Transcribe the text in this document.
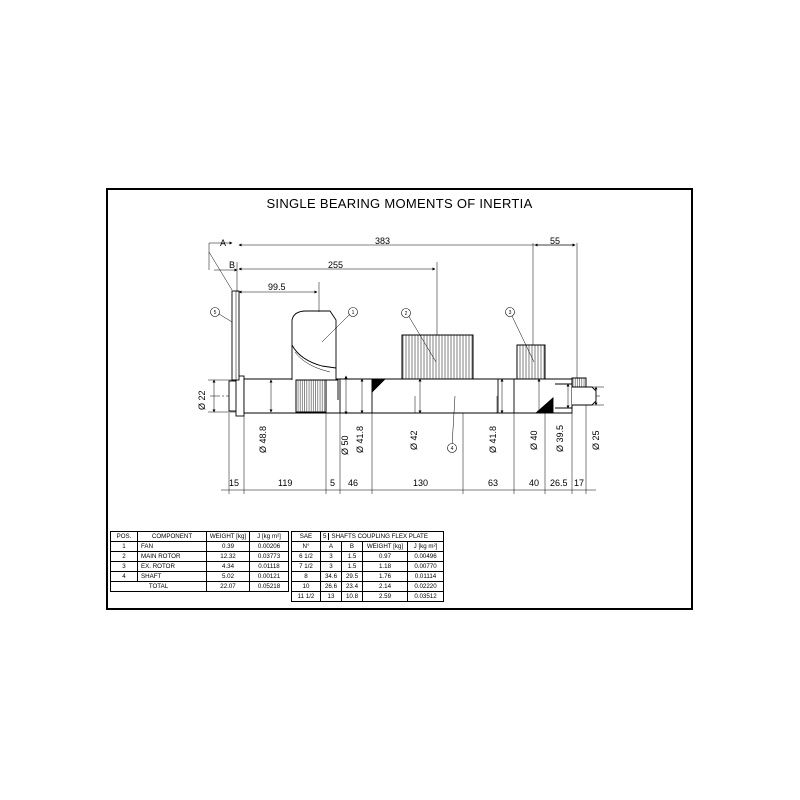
SINGLE BEARING MOMENTS OF INERTIA
A
B
383	55
255
99.5
Ø 22
Ø 48.8	Ø 50 Ø 41.8	Ø 42	Ø 41.8	Ø 40 Ø 39.5	Ø 25
15	119	5 46	130	63	40 26.5 17
5	1	2	3
4
POS.	COMPONENT	WEIGHT [kg]	J [kg m²]
1	FAN	0.39	0.00206
2	MAIN ROTOR	12.32	0.03773
3	EX. ROTOR	4.34	0.01118
4	SHAFT	5.02	0.00121
TOTAL		22.07	0.05218
SAE	5 SHAFTS COUPLING FLEX PLATE			
N°	A	B	WEIGHT [kg]	J [kg m²]
6 1/2	3	1.5	0.97	0.00496
7 1/2	3	1.5	1.18	0.00770
8	34.6	29.5	1.76	0.01114
10	26.6	23.4	2.14	0.02220
11 1/2	13	10.8	2.59	0.03512
